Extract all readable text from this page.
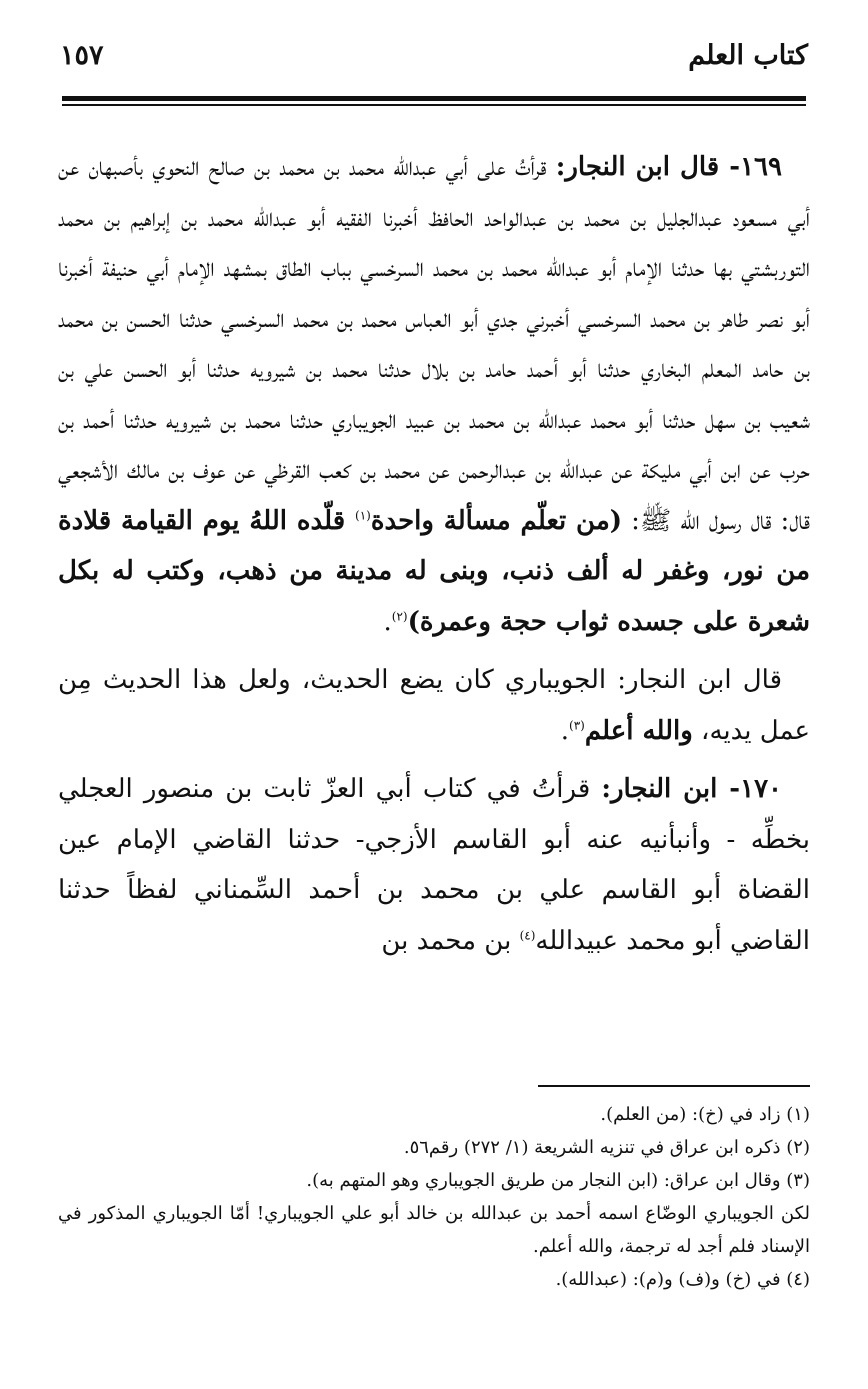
كتاب العلم
١٥٧

١٦٩- قال ابن النجار: قرأتُ على أبي عبدالله محمد بن محمد بن صالح النحوي بأصبهان عن أبي مسعود عبدالجليل بن محمد بن عبدالواحد الحافظ أخبرنا الفقيه أبو عبدالله محمد بن إبراهيم بن محمد التوربشتي بها حدثنا الإمام أبو عبدالله محمد بن محمد السرخسي بباب الطاق بمشهد الإمام أبي حنيفة أخبرنا أبو نصر طاهر بن محمد السرخسي أخبرني جدي أبو العباس محمد بن محمد السرخسي حدثنا الحسن بن محمد بن حامد المعلم البخاري حدثنا أبو أحمد حامد بن بلال حدثنا محمد بن شيرويه حدثنا أبو الحسن علي بن شعيب بن سهل حدثنا أبو محمد عبدالله بن محمد بن عبيد الجويباري حدثنا محمد بن شيرويه حدثنا أحمد بن حرب عن ابن أبي مليكة عن عبدالله بن عبدالرحمن عن محمد بن كعب القرظي عن عوف بن مالك الأشجعي قال: قال رسول الله ﷺ: (من تعلّم مسألة واحدة$^{(١)}$ قلّده اللهُ يوم القيامة قلادة من نور، وغفر له ألف ذنب، وبنى له مدينة من ذهب، وكتب له بكل شعرة على جسده ثواب حجة وعمرة)$^{(٢)}$.

قال ابن النجار: الجويباري كان يضع الحديث، ولعل هذا الحديث مِن عمل يديه، والله أعلم$^{(٣)}$.

١٧٠- ابن النجار: قرأتُ في كتاب أبي العزّ ثابت بن منصور العجلي بخطِّه - وأنبأنيه عنه أبو القاسم الأزجي- حدثنا القاضي الإمام عين القضاة أبو القاسم علي بن محمد بن أحمد السِّمناني لفظاً حدثنا القاضي أبو محمد عبيدالله$^{(٤)}$ بن محمد بن

(١) زاد في (خ): (من العلم).

(٢) ذكره ابن عراق في تنزيه الشريعة (١/ ٢٧٢) رقم٥٦.

(٣) وقال ابن عراق: (ابن النجار من طريق الجويباري وهو المتهم به).

لكن الجويباري الوضّاع اسمه أحمد بن عبدالله بن خالد أبو علي الجويباري! أمّا الجويباري المذكور في الإسناد فلم أجد له ترجمة، والله أعلم.

(٤) في (خ) و(ف) و(م): (عبدالله).
